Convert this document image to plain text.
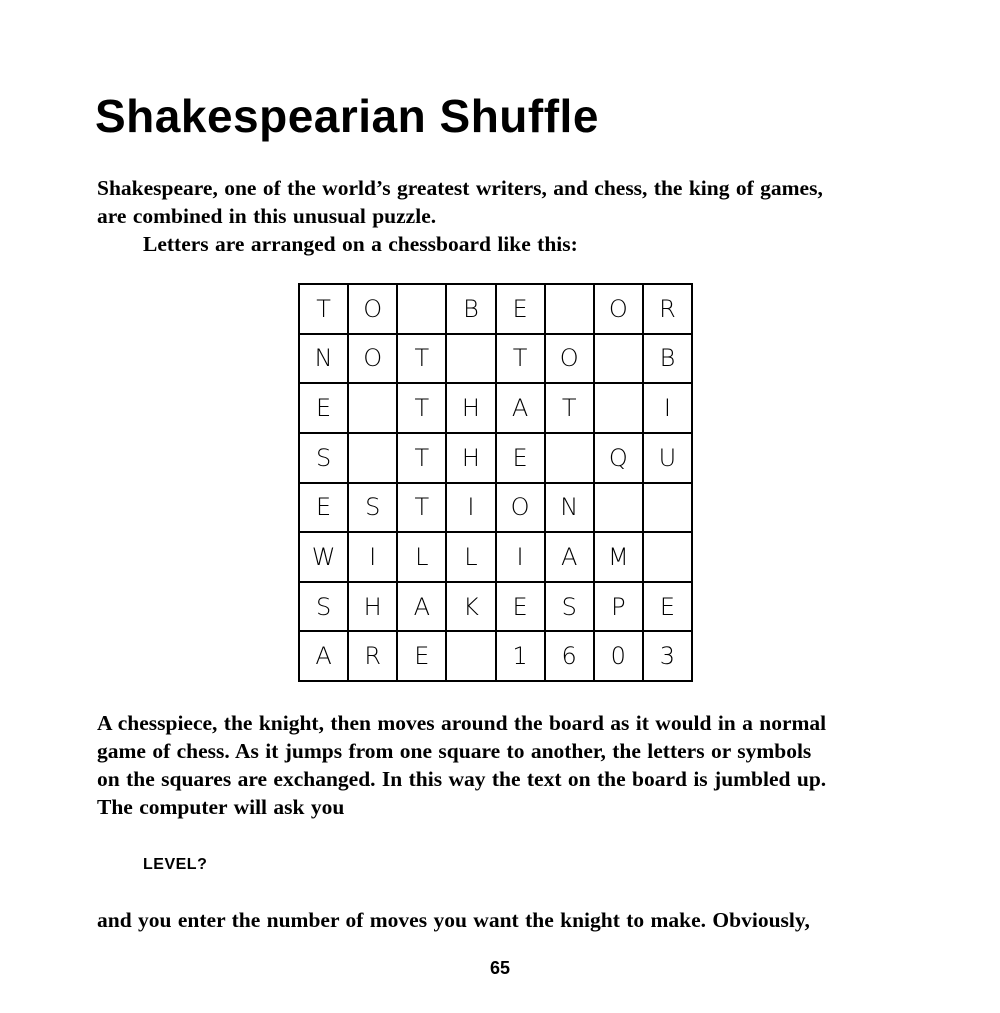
Shakespearian Shuffle

Shakespeare, one of the world’s greatest writers, and chess, the king of games,

are combined in this unusual puzzle.

Letters are arranged on a chessboard like this:

T	O		B	E		O	R
N	O	T		T	O		B
E		T	H	A	T		I
S		T	H	E		Q	U
E	S	T	I	O	N		
W	I	L	L	I	A	M	
S	H	A	K	E	S	P	E
A	R	E		1	6	0	3

A chesspiece, the knight, then moves around the board as it would in a normal

game of chess. As it jumps from one square to another, the letters or symbols

on the squares are exchanged. In this way the text on the board is jumbled up.

The computer will ask you

LEVEL?

and you enter the number of moves you want the knight to make. Obviously,

65
